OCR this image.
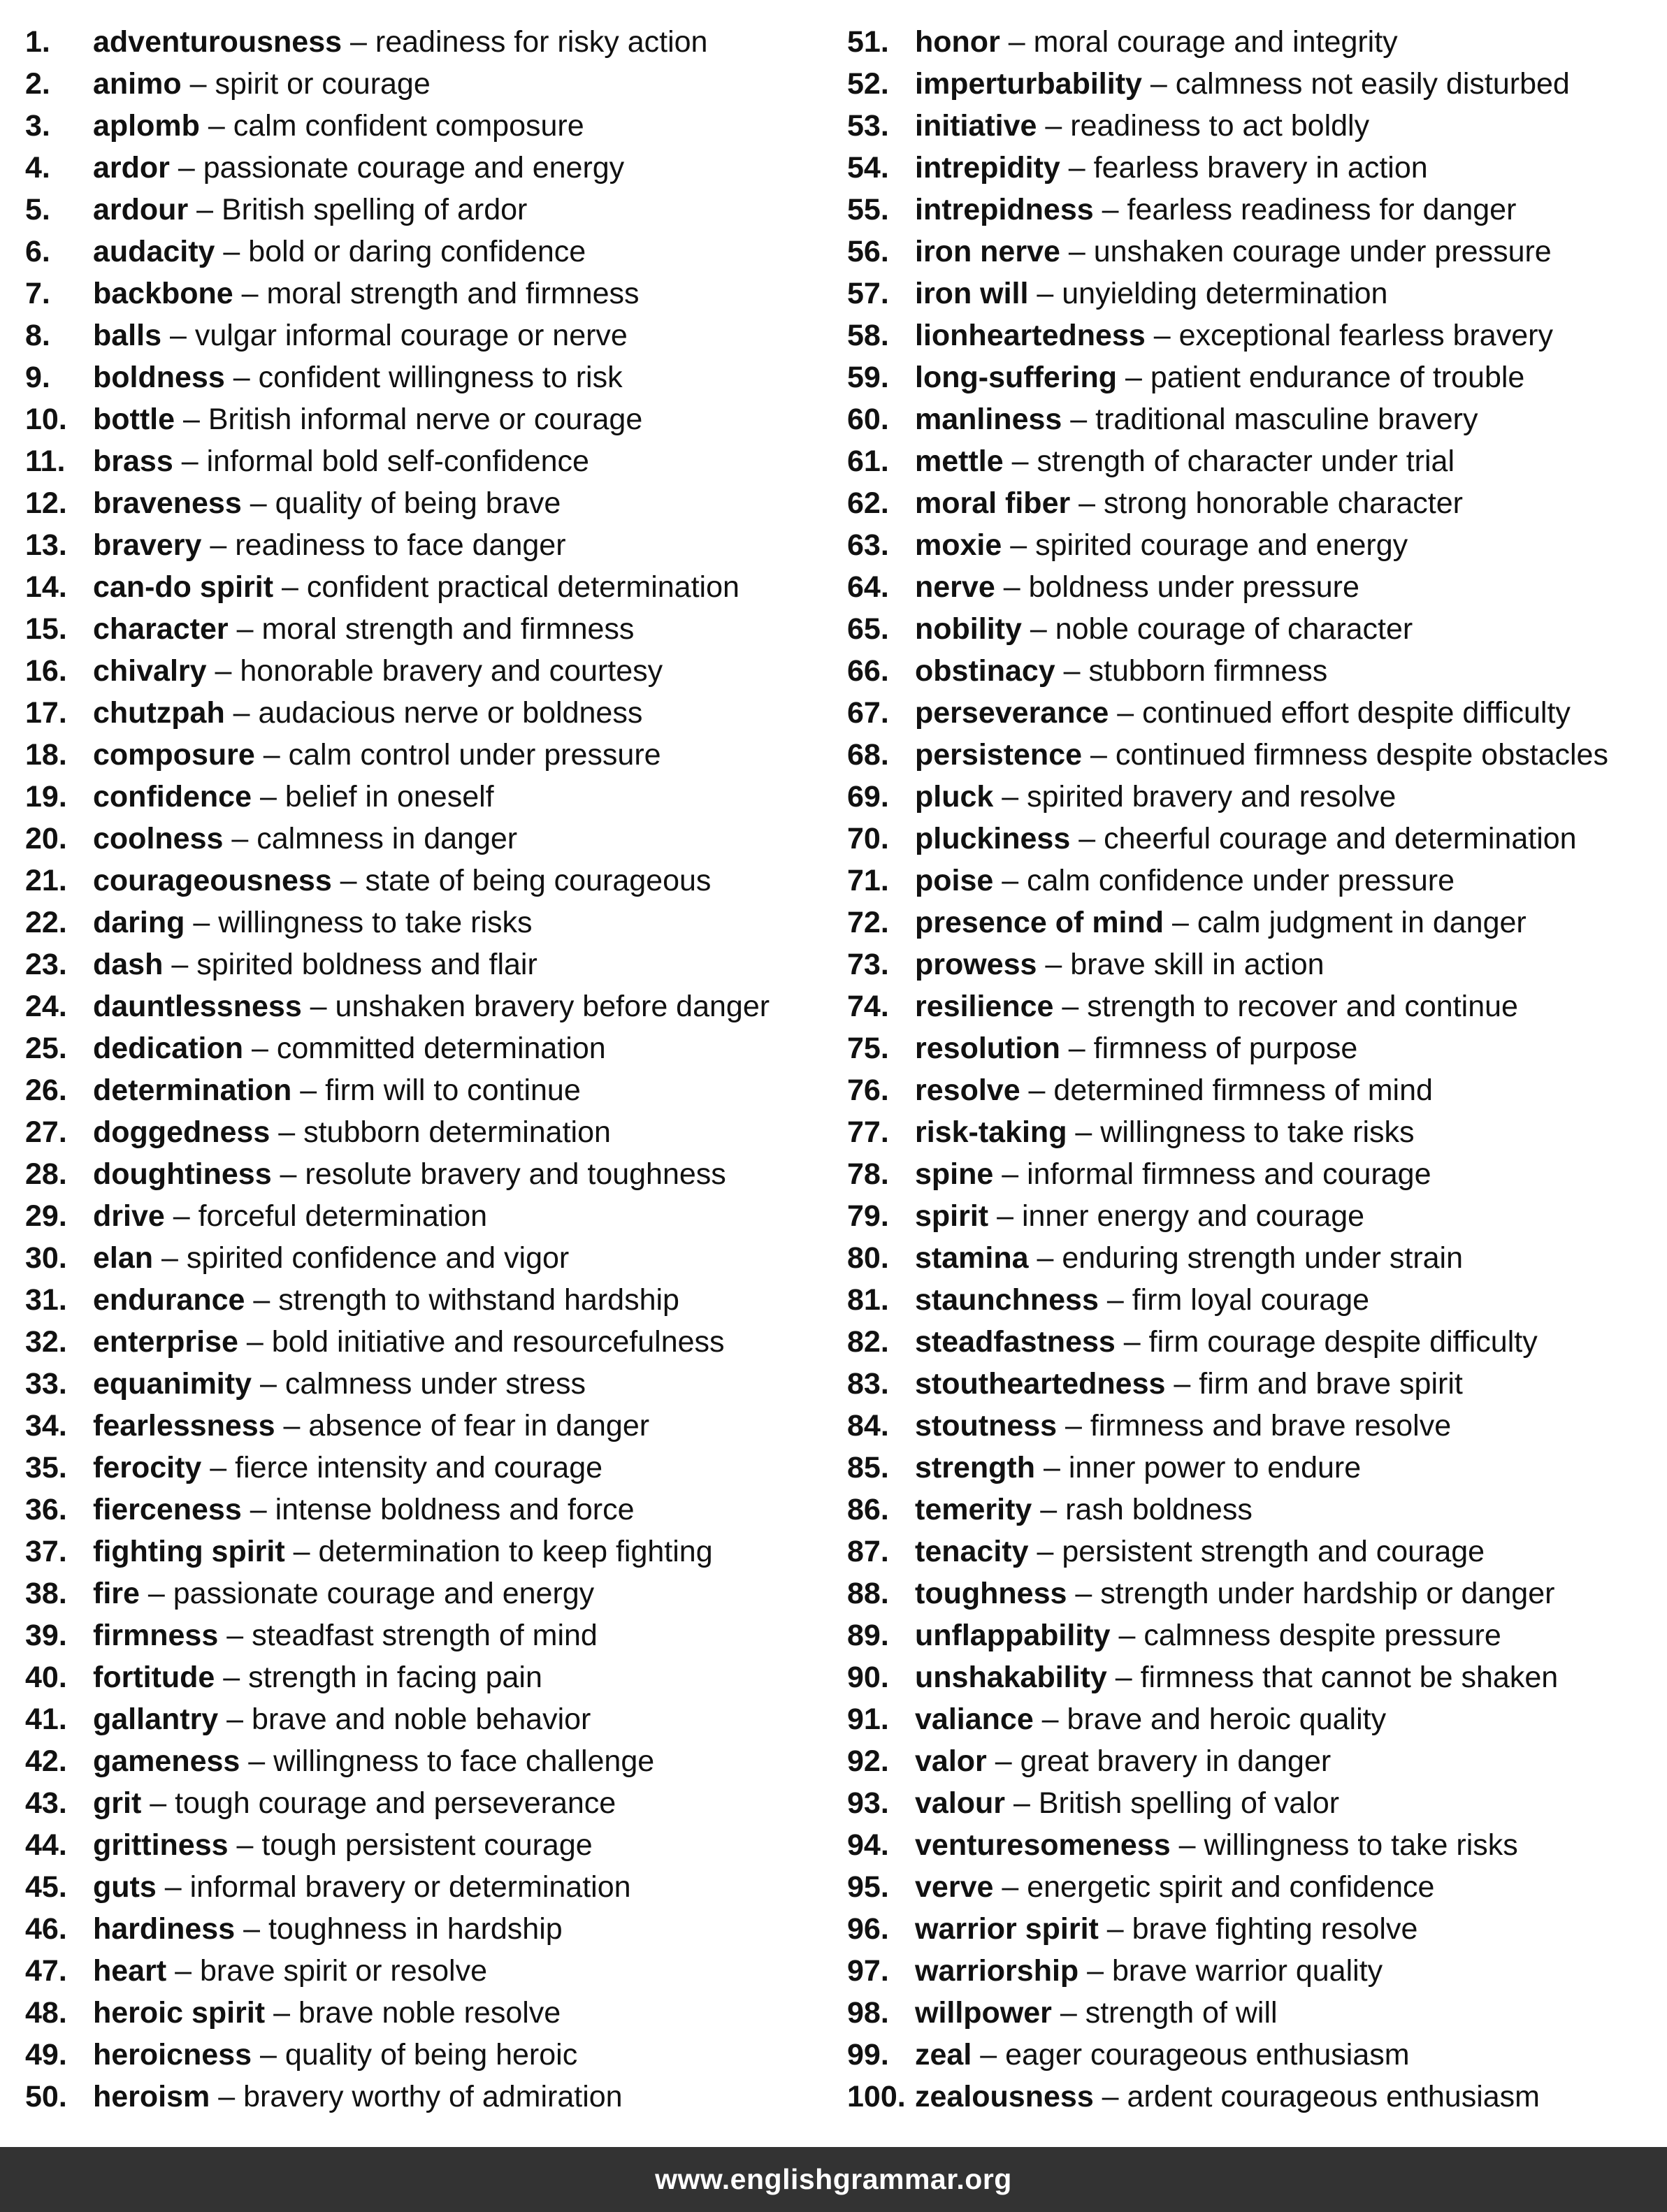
1. adventurousness – readiness for risky action
2. animo – spirit or courage
3. aplomb – calm confident composure
4. ardor – passionate courage and energy
5. ardour – British spelling of ardor
6. audacity – bold or daring confidence
7. backbone – moral strength and firmness
8. balls – vulgar informal courage or nerve
9. boldness – confident willingness to risk
10. bottle – British informal nerve or courage
11. brass – informal bold self-confidence
12. braveness – quality of being brave
13. bravery – readiness to face danger
14. can-do spirit – confident practical determination
15. character – moral strength and firmness
16. chivalry – honorable bravery and courtesy
17. chutzpah – audacious nerve or boldness
18. composure – calm control under pressure
19. confidence – belief in oneself
20. coolness – calmness in danger
21. courageousness – state of being courageous
22. daring – willingness to take risks
23. dash – spirited boldness and flair
24. dauntlessness – unshaken bravery before danger
25. dedication – committed determination
26. determination – firm will to continue
27. doggedness – stubborn determination
28. doughtiness – resolute bravery and toughness
29. drive – forceful determination
30. elan – spirited confidence and vigor
31. endurance – strength to withstand hardship
32. enterprise – bold initiative and resourcefulness
33. equanimity – calmness under stress
34. fearlessness – absence of fear in danger
35. ferocity – fierce intensity and courage
36. fierceness – intense boldness and force
37. fighting spirit – determination to keep fighting
38. fire – passionate courage and energy
39. firmness – steadfast strength of mind
40. fortitude – strength in facing pain
41. gallantry – brave and noble behavior
42. gameness – willingness to face challenge
43. grit – tough courage and perseverance
44. grittiness – tough persistent courage
45. guts – informal bravery or determination
46. hardiness – toughness in hardship
47. heart – brave spirit or resolve
48. heroic spirit – brave noble resolve
49. heroicness – quality of being heroic
50. heroism – bravery worthy of admiration
51. honor – moral courage and integrity
52. imperturbability – calmness not easily disturbed
53. initiative – readiness to act boldly
54. intrepidity – fearless bravery in action
55. intrepidness – fearless readiness for danger
56. iron nerve – unshaken courage under pressure
57. iron will – unyielding determination
58. lionheartedness – exceptional fearless bravery
59. long-suffering – patient endurance of trouble
60. manliness – traditional masculine bravery
61. mettle – strength of character under trial
62. moral fiber – strong honorable character
63. moxie – spirited courage and energy
64. nerve – boldness under pressure
65. nobility – noble courage of character
66. obstinacy – stubborn firmness
67. perseverance – continued effort despite difficulty
68. persistence – continued firmness despite obstacles
69. pluck – spirited bravery and resolve
70. pluckiness – cheerful courage and determination
71. poise – calm confidence under pressure
72. presence of mind – calm judgment in danger
73. prowess – brave skill in action
74. resilience – strength to recover and continue
75. resolution – firmness of purpose
76. resolve – determined firmness of mind
77. risk-taking – willingness to take risks
78. spine – informal firmness and courage
79. spirit – inner energy and courage
80. stamina – enduring strength under strain
81. staunchness – firm loyal courage
82. steadfastness – firm courage despite difficulty
83. stoutheartedness – firm and brave spirit
84. stoutness – firmness and brave resolve
85. strength – inner power to endure
86. temerity – rash boldness
87. tenacity – persistent strength and courage
88. toughness – strength under hardship or danger
89. unflappability – calmness despite pressure
90. unshakability – firmness that cannot be shaken
91. valiance – brave and heroic quality
92. valor – great bravery in danger
93. valour – British spelling of valor
94. venturesomeness – willingness to take risks
95. verve – energetic spirit and confidence
96. warrior spirit – brave fighting resolve
97. warriorship – brave warrior quality
98. willpower – strength of will
99. zeal – eager courageous enthusiasm
100. zealousness – ardent courageous enthusiasm
www.englishgrammar.org
